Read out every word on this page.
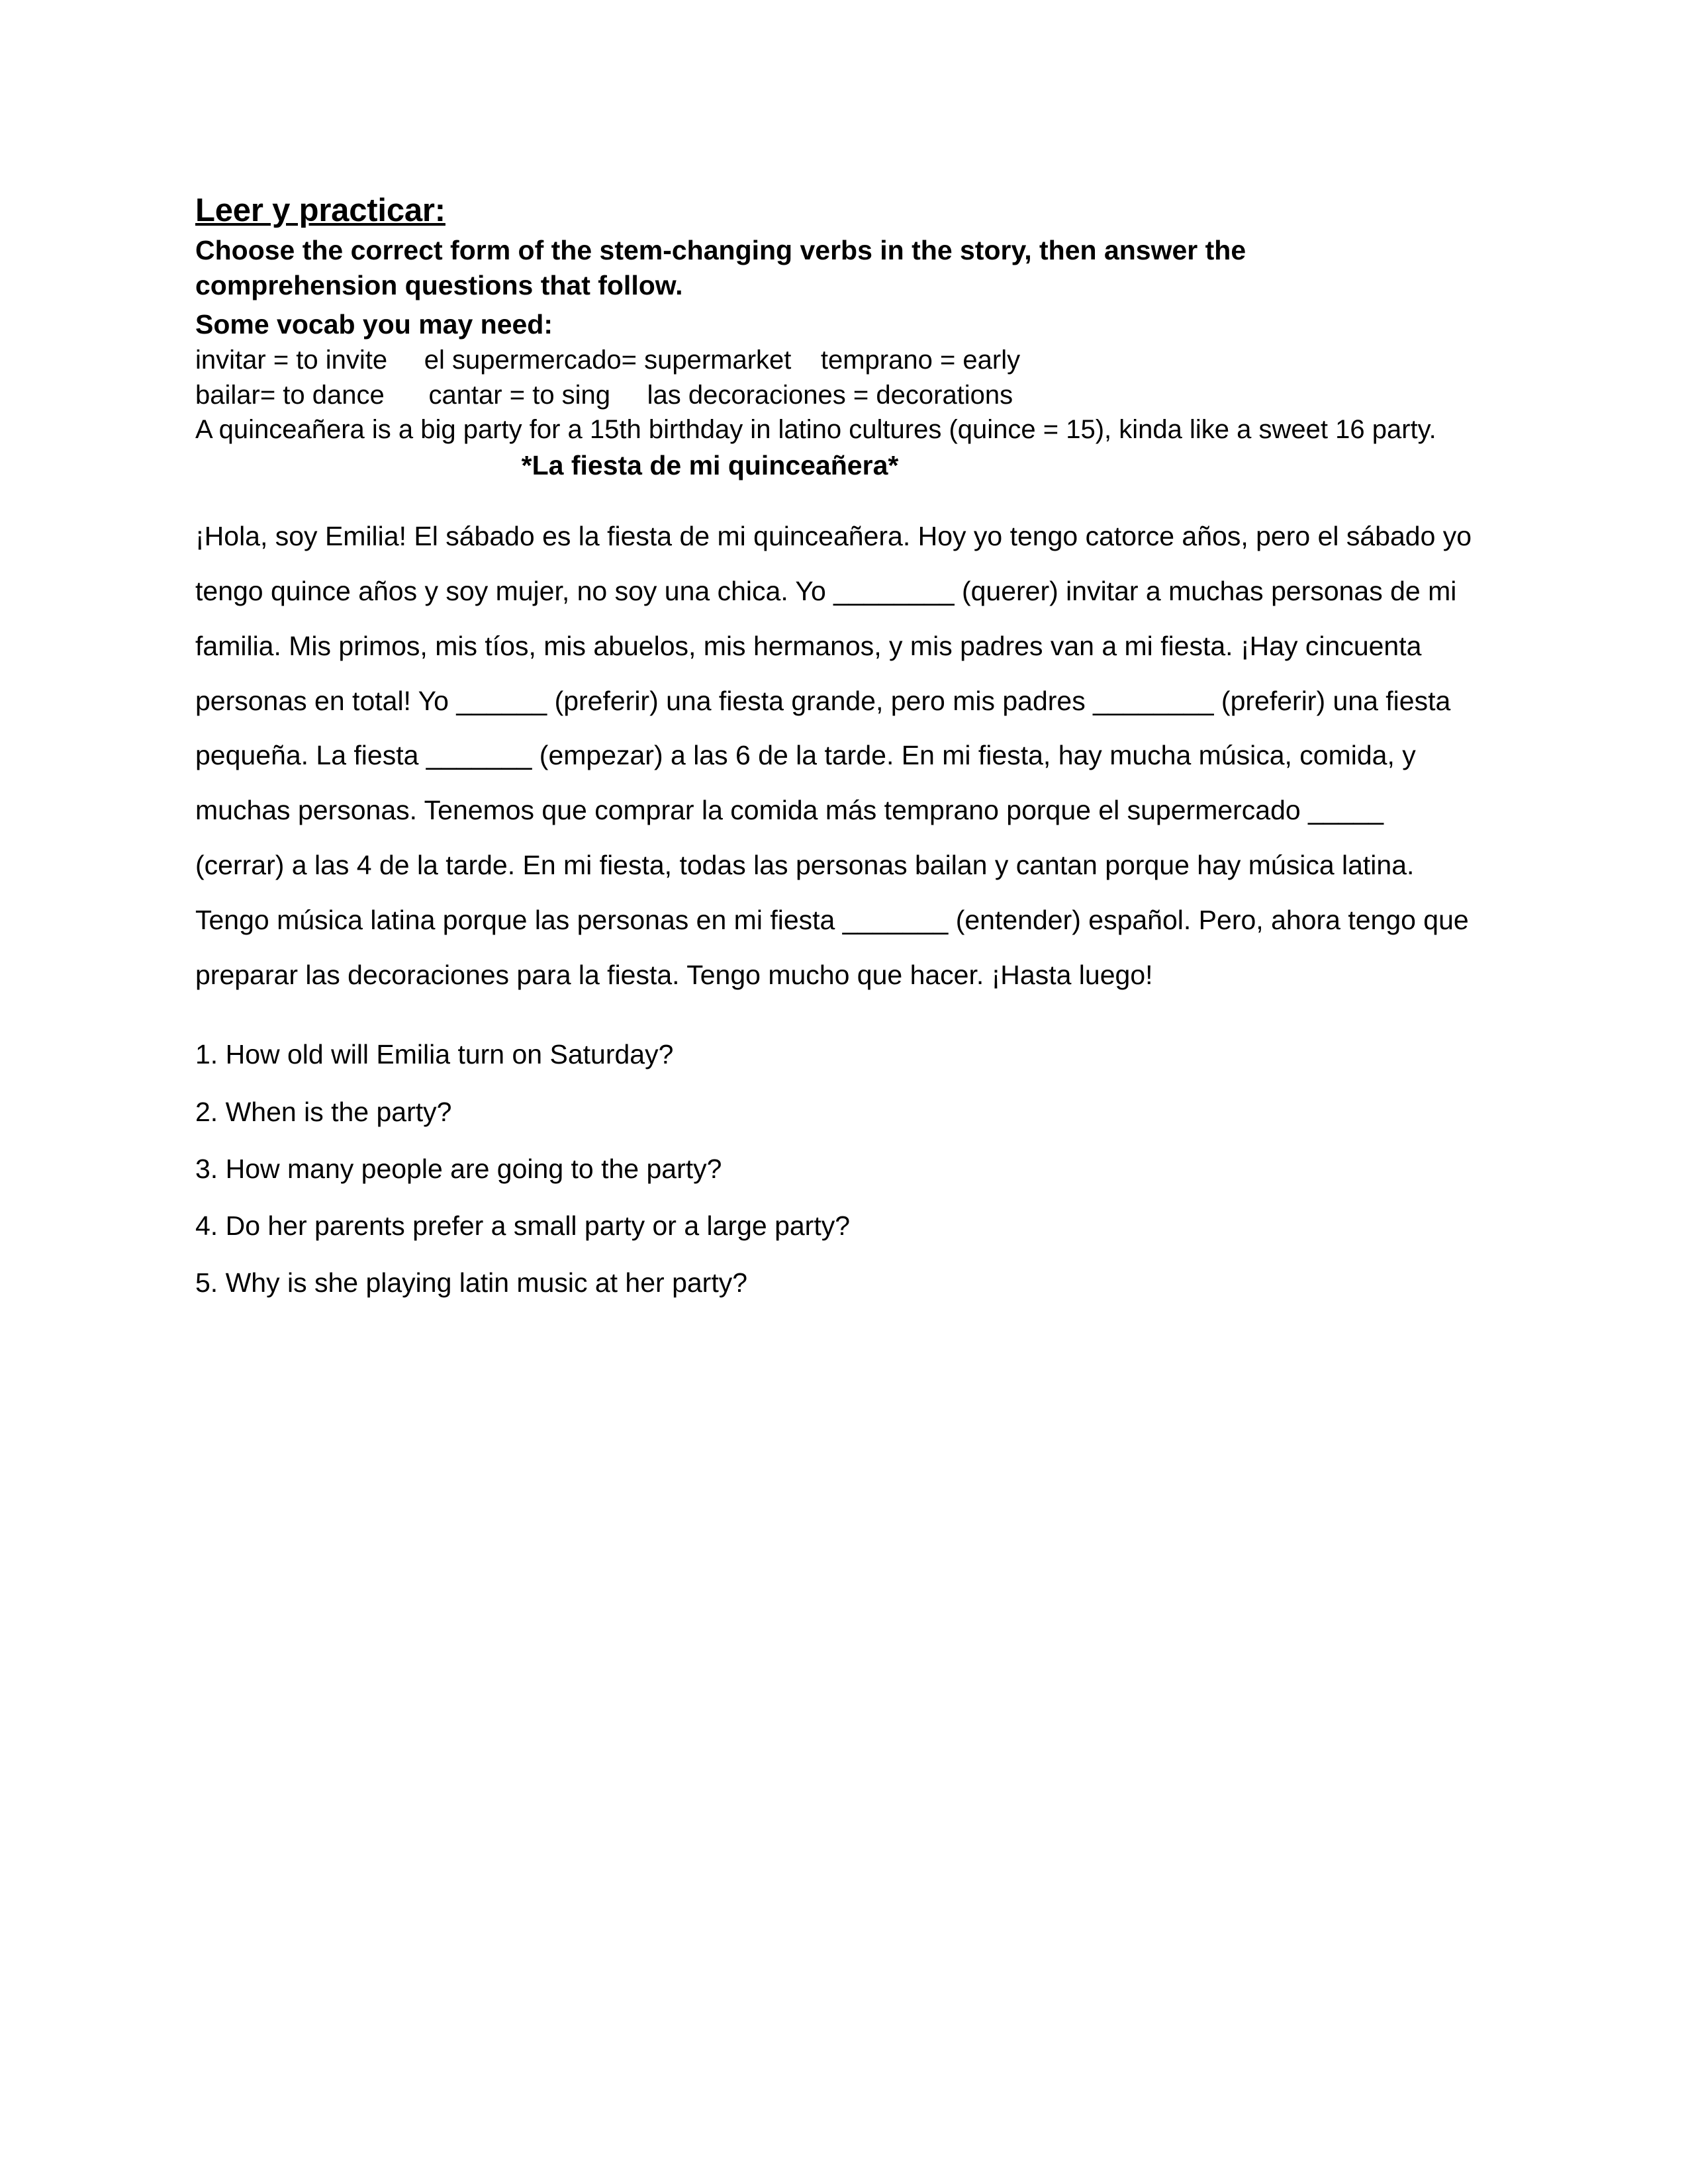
Leer y practicar:

Choose the correct form of the stem-changing verbs in the story, then answer the comprehension questions that follow.

Some vocab you may need:

invitar = to invite     el supermercado= supermarket    temprano = early

bailar= to dance      cantar = to sing     las decoraciones = decorations

A quinceañera is a big party for a 15th birthday in latino cultures (quince = 15), kinda like a sweet 16 party.

*La fiesta de mi quinceañera*

¡Hola, soy Emilia! El sábado es la fiesta de mi quinceañera. Hoy yo tengo catorce años, pero el sábado yo tengo quince años y soy mujer, no soy una chica. Yo ________ (querer) invitar a muchas personas de mi familia. Mis primos, mis tíos, mis abuelos, mis hermanos, y mis padres van a mi fiesta. ¡Hay cincuenta personas en total! Yo ______ (preferir) una fiesta grande, pero mis padres ________ (preferir) una fiesta pequeña. La fiesta _______ (empezar) a las 6 de la tarde. En mi fiesta, hay mucha música, comida, y muchas personas. Tenemos que comprar la comida más temprano porque el supermercado _____ (cerrar) a las 4 de la tarde. En mi fiesta, todas las personas bailan y cantan porque hay música latina. Tengo música latina porque las personas en mi fiesta _______ (entender) español. Pero, ahora tengo que preparar las decoraciones para la fiesta. Tengo mucho que hacer. ¡Hasta luego!

1. How old will Emilia turn on Saturday?
2. When is the party?
3. How many people are going to the party?
4. Do her parents prefer a small party or a large party?
5. Why is she playing latin music at her party?
